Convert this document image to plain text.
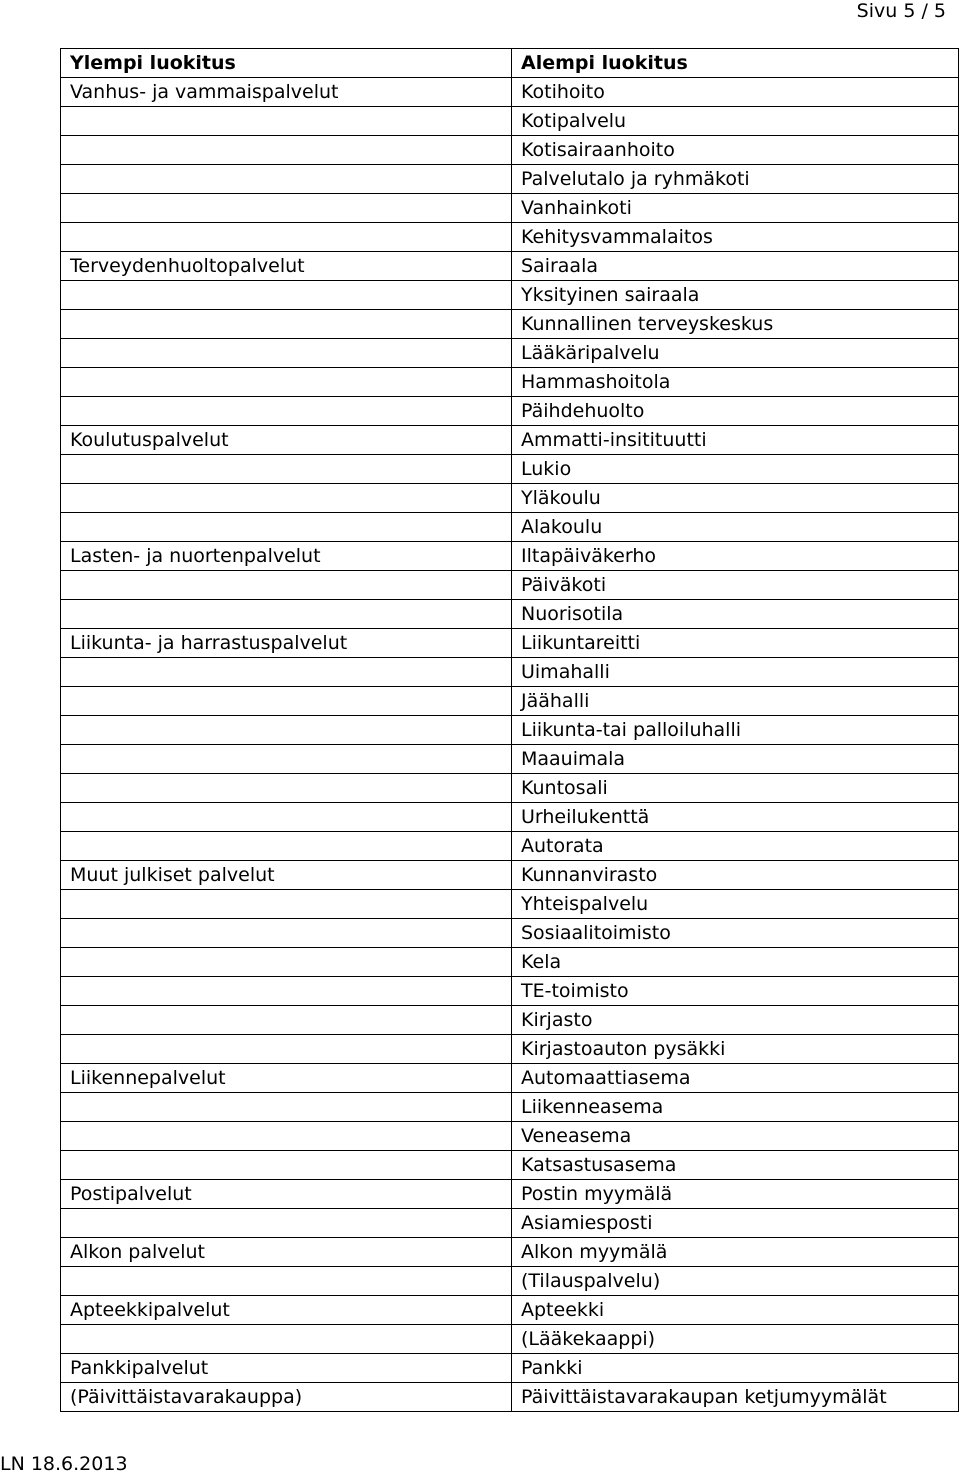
Sivu 5 / 5
Ylempi luokitus	Alempi luokitus
Vanhus- ja vammaispalvelut	Kotihoito
	Kotipalvelu
	Kotisairaanhoito
	Palvelutalo ja ryhmäkoti
	Vanhainkoti
	Kehitysvammalaitos
Terveydenhuoltopalvelut	Sairaala
	Yksityinen sairaala
	Kunnallinen terveyskeskus
	Lääkäripalvelu
	Hammashoitola
	Päihdehuolto
Koulutuspalvelut	Ammatti-insitituutti
	Lukio
	Yläkoulu
	Alakoulu
Lasten- ja nuortenpalvelut	Iltapäiväkerho
	Päiväkoti
	Nuorisotila
Liikunta- ja harrastuspalvelut	Liikuntareitti
	Uimahalli
	Jäähalli
	Liikunta-tai palloiluhalli
	Maauimala
	Kuntosali
	Urheilukenttä
	Autorata
Muut julkiset palvelut	Kunnanvirasto
	Yhteispalvelu
	Sosiaalitoimisto
	Kela
	TE-toimisto
	Kirjasto
	Kirjastoauton pysäkki
Liikennepalvelut	Automaattiasema
	Liikenneasema
	Veneasema
	Katsastusasema
Postipalvelut	Postin myymälä
	Asiamiesposti
Alkon palvelut	Alkon myymälä
	(Tilauspalvelu)
Apteekkipalvelut	Apteekki
	(Lääkekaappi)
Pankkipalvelut	Pankki
(Päivittäistavarakauppa)	Päivittäistavarakaupan ketjumyymälät
LN 18.6.2013
